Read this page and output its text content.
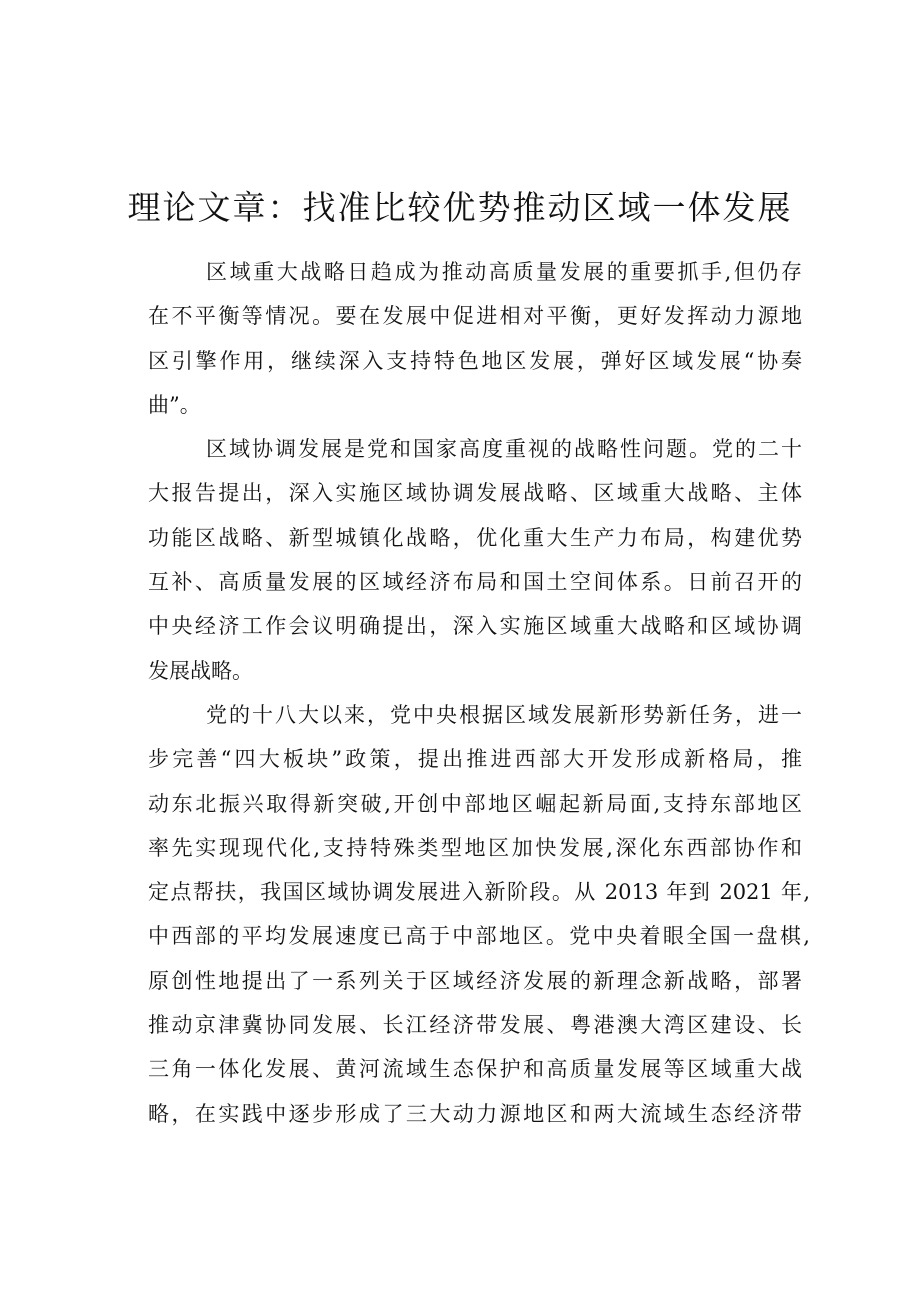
理论文章：找准比较优势推动区域一体发展
区域重大战略日趋成为推动高质量发展的重要抓手,但仍存
在不平衡等情况。要在发展中促进相对平衡，更好发挥动力源地
区引擎作用，继续深入支持特色地区发展，弹好区域发展“协奏
曲”。
区域协调发展是党和国家高度重视的战略性问题。党的二十
大报告提出，深入实施区域协调发展战略、区域重大战略、主体
功能区战略、新型城镇化战略，优化重大生产力布局，构建优势
互补、高质量发展的区域经济布局和国土空间体系。日前召开的
中央经济工作会议明确提出，深入实施区域重大战略和区域协调
发展战略。
党的十八大以来，党中央根据区域发展新形势新任务，进一
步完善“四大板块”政策，提出推进西部大开发形成新格局，推
动东北振兴取得新突破,开创中部地区崛起新局面,支持东部地区
率先实现现代化,支持特殊类型地区加快发展,深化东西部协作和
定点帮扶，我国区域协调发展进入新阶段。从 2013 年到 2021 年,
中西部的平均发展速度已高于中部地区。党中央着眼全国一盘棋,
原创性地提出了一系列关于区域经济发展的新理念新战略，部署
推动京津冀协同发展、长江经济带发展、粤港澳大湾区建设、长
三角一体化发展、黄河流域生态保护和高质量发展等区域重大战
略，在实践中逐步形成了三大动力源地区和两大流域生态经济带
